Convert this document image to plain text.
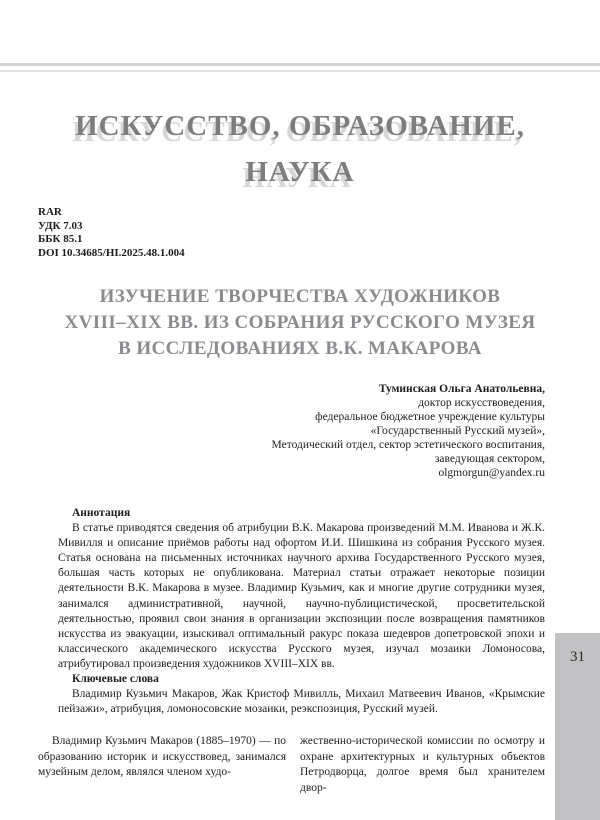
ИСКУССТВО, ОБРАЗОВАНИЕ,
НАУКА
RAR
УДК 7.03
ББК 85.1
DOI 10.34685/HI.2025.48.1.004
ИЗУЧЕНИЕ ТВОРЧЕСТВА ХУДОЖНИКОВ
XVIII–XIX ВВ. ИЗ СОБРАНИЯ РУССКОГО МУЗЕЯ
В ИССЛЕДОВАНИЯХ В.К. МАКАРОВА
Туминская Ольга Анатольевна,
доктор искусствоведения,
федеральное бюджетное учреждение культуры
«Государственный Русский музей»,
Методический отдел, сектор эстетического воспитания,
заведующая сектором,
olgmorgun@yandex.ru
Аннотация

В статье приводятся сведения об атрибуции В.К. Макарова произведений М.М. Иванова и Ж.К. Мивилля и описание приёмов работы над офортом И.И. Шишкина из собрания Русского музея. Статья основана на письменных источниках научного архива Государственного Русского музея, большая часть которых не опубликована. Материал статьи отражает некоторые позиции деятельности В.К. Макарова в музее. Владимир Кузьмич, как и многие другие сотрудники музея, занимался административной, научной, научно-публицистической, просветительской деятельностью, проявил свои знания в организации экспозиции после возвращения памятников искусства из эвакуации, изыскивал оптимальный ракурс показа шедевров допетровской эпохи и классического академического искусства Русского музея, изучал мозаики Ломоносова, атрибутировал произведения художников XVIII–XIX вв.

Ключевые слова

Владимир Кузьмич Макаров, Жак Кристоф Мивилль, Михаил Матвеевич Иванов, «Крымские пейзажи», атрибуция, ломоносовские мозаики, реэкспозиция, Русский музей.

Владимир Кузьмич Макаров (1885–1970) — по образованию историк и искусствовед, занимался музейным делом, являлся членом худо-
жественно-исторической комиссии по осмотру и охране архитектурных и культурных объектов Петродворца, долгое время был хранителем двор-
31
